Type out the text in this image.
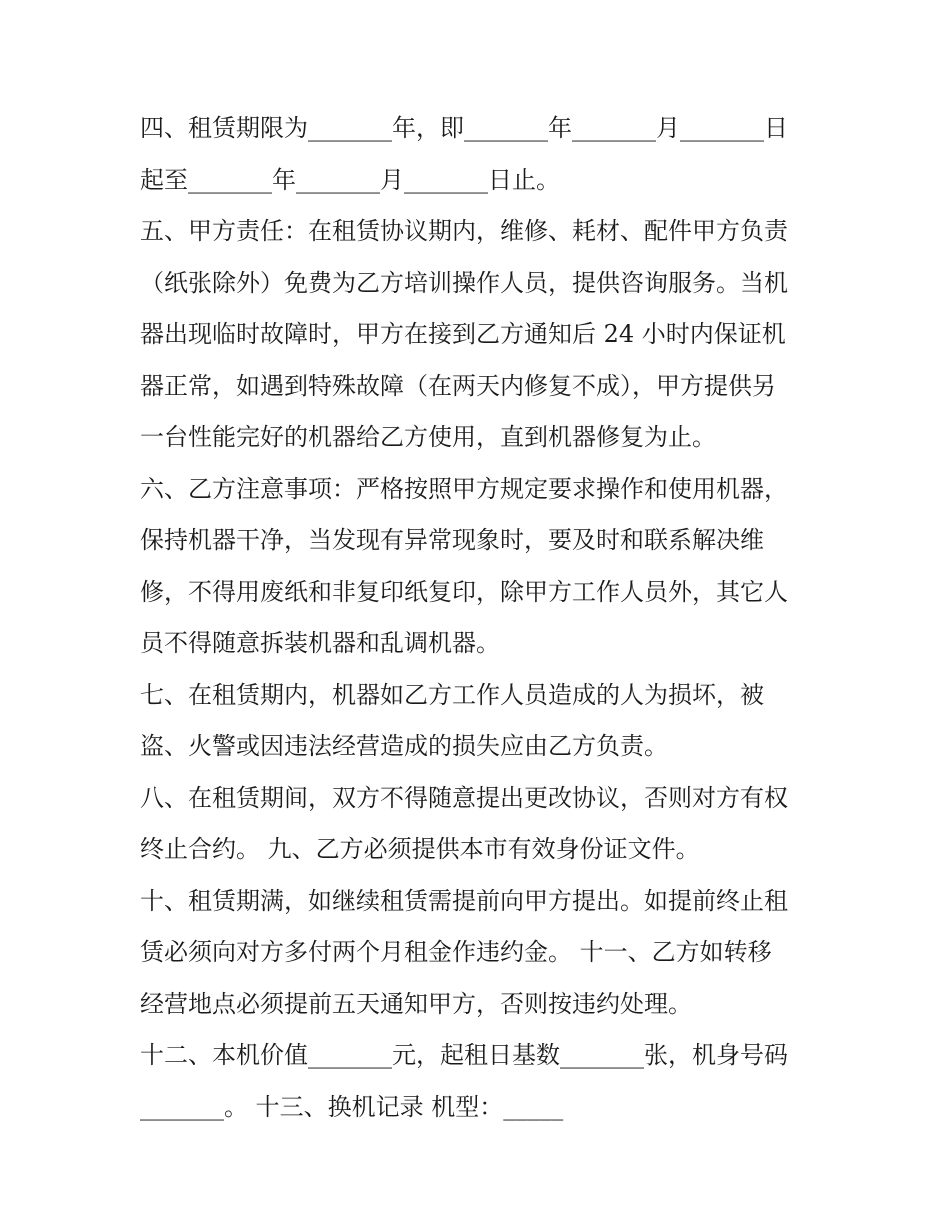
四、租赁期限为_______年，即_______年_______月_______日
起至_______年_______月_______日止。
五、甲方责任：在租赁协议期内，维修、耗材、配件甲方负责
（纸张除外）免费为乙方培训操作人员，提供咨询服务。当机
器出现临时故障时，甲方在接到乙方通知后 24 小时内保证机
器正常，如遇到特殊故障（在两天内修复不成），甲方提供另
一台性能完好的机器给乙方使用，直到机器修复为止。
六、乙方注意事项：严格按照甲方规定要求操作和使用机器，
保持机器干净，当发现有异常现象时，要及时和联系解决维
修，不得用废纸和非复印纸复印，除甲方工作人员外，其它人
员不得随意拆装机器和乱调机器。
七、在租赁期内，机器如乙方工作人员造成的人为损坏，被
盗、火警或因违法经营造成的损失应由乙方负责。
八、在租赁期间，双方不得随意提出更改协议，否则对方有权
终止合约。 九、乙方必须提供本市有效身份证文件。
十、租赁期满，如继续租赁需提前向甲方提出。如提前终止租
赁必须向对方多付两个月租金作违约金。 十一、乙方如转移
经营地点必须提前五天通知甲方，否则按违约处理。
十二、本机价值_______元，起租日基数_______张，机身号码
_______。 十三、换机记录 机型：_____
